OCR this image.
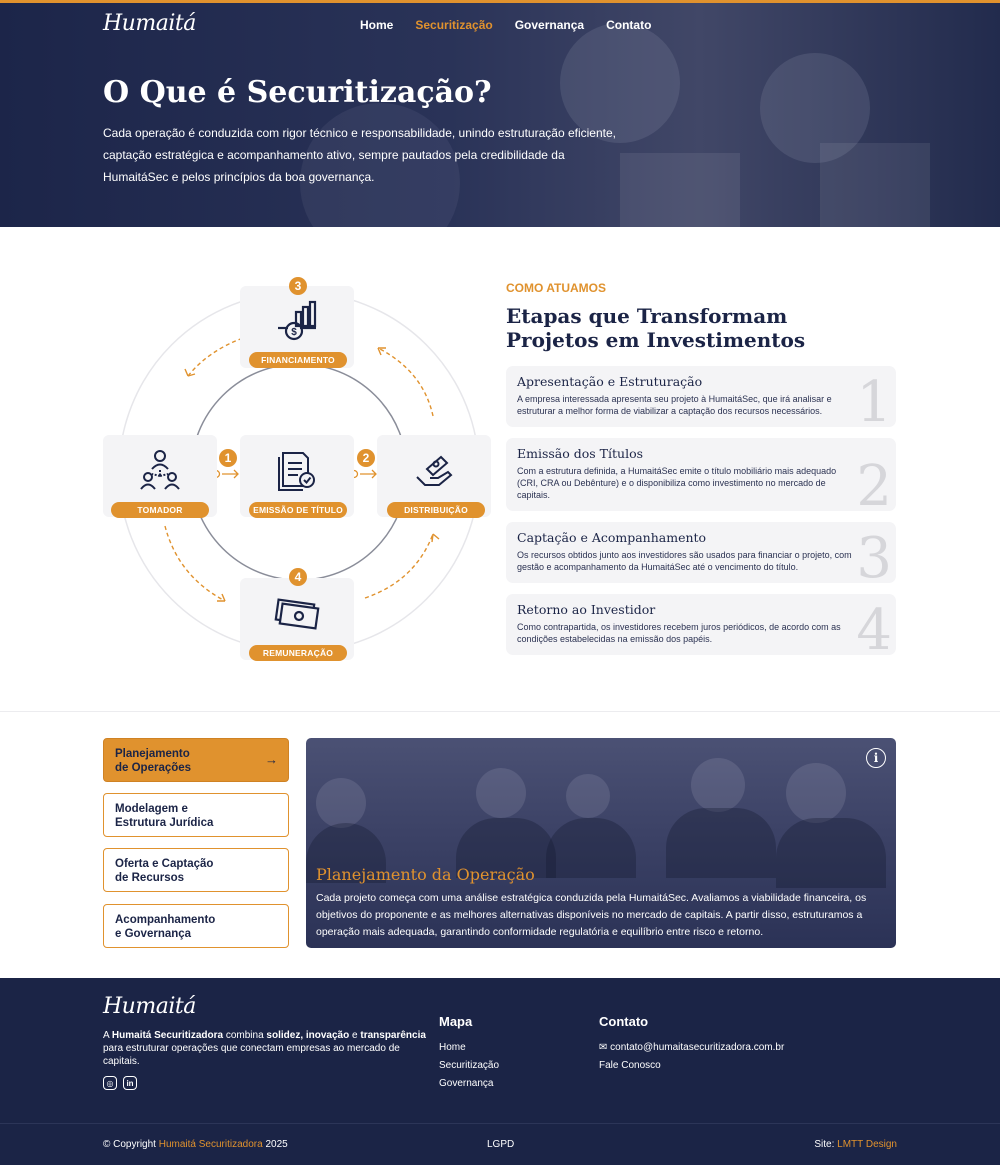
Humaitá	Home Securitização Governança Contato
O Que é Securitização?

Cada operação é conduzida com rigor técnico e responsabilidade, unindo estruturação eficiente, captação estratégica e acompanhamento ativo, sempre pautados pela credibilidade da HumaitáSec e pelos princípios da boa governança.

$
FINANCIAMENTO
3
TOMADOR
1
EMISSÃO DE TÍTULO
2
DISTRIBUIÇÃO
REMUNERAÇÃO
4
COMO ATUAMOS
Etapas que Transformam Projetos em Investimentos
Apresentação e Estruturação

A empresa interessada apresenta seu projeto à HumaitáSec, que irá analisar e estruturar a melhor forma de viabilizar a captação dos recursos necessários. 1
Emissão dos Títulos

Com a estrutura definida, a HumaitáSec emite o título mobiliário mais adequado (CRI, CRA ou Debênture) e o disponibiliza como investimento no mercado de capitais.	2
Captação e Acompanhamento

Os recursos obtidos junto aos investidores são usados para financiar o projeto, com gestão e acompanhamento da HumaitáSec até o vencimento do título.	3
Retorno ao Investidor

Como contrapartida, os investidores recebem juros periódicos, de acordo com as condições estabelecidas na emissão dos papéis.	4
Planejamento
de Operações
→
Modelagem e
Estrutura Jurídica
Oferta e Captação
de Recursos
Acompanhamento
e Governança
i
Planejamento da Operação

Cada projeto começa com uma análise estratégica conduzida pela HumaitáSec. Avaliamos a viabilidade financeira, os objetivos do proponente e as melhores alternativas disponíveis no mercado de capitais. A partir disso, estruturamos a operação mais adequada, garantindo conformidade regulatória e equilíbrio entre risco e retorno.

Humaitá
A Humaitá Securitizadora combina solidez, inovação e transparência para estruturar operações que conectam empresas ao mercado de capitais.
◎	in
Mapa
Home
Securitização
Governança
Contato
✉ contato@humaitasecuritizadora.com.br
Fale Conosco
© Copyright Humaitá Securitizadora 2025	LGPD	Site: LMTT Design
